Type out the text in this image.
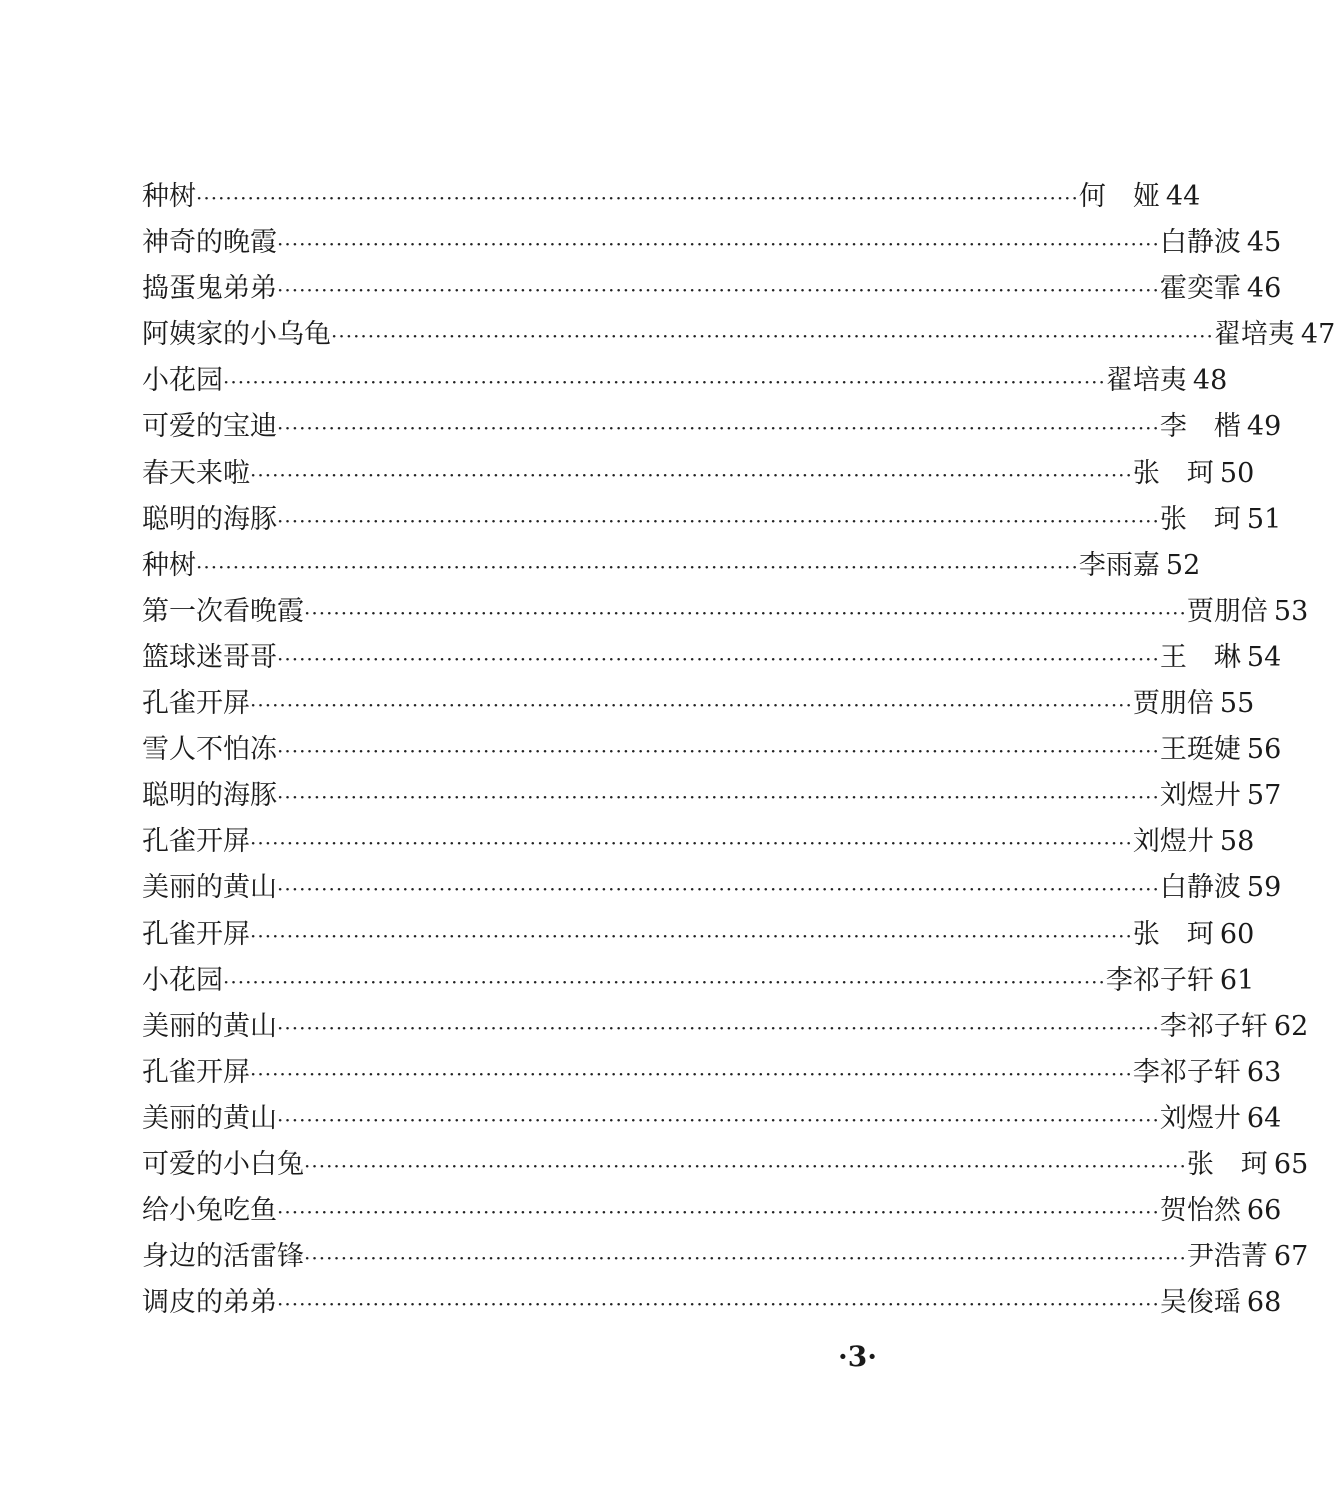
种树 ························································································································ 何　娅 44
神奇的晚霞 ························································································································ 白静波 45
捣蛋鬼弟弟 ························································································································ 霍奕霏 46
阿姨家的小乌龟 ························································································································ 翟培夷 47
小花园 ························································································································ 翟培夷 48
可爱的宝迪 ························································································································ 李　楷 49
春天来啦 ························································································································ 张　珂 50
聪明的海豚 ························································································································ 张　珂 51
种树 ························································································································ 李雨嘉 52
第一次看晚霞 ························································································································ 贾朋倍 53
篮球迷哥哥 ························································································································ 王　琳 54
孔雀开屏 ························································································································ 贾朋倍 55
雪人不怕冻 ························································································································ 王珽婕 56
聪明的海豚 ························································································································ 刘煜廾 57
孔雀开屏 ························································································································ 刘煜廾 58
美丽的黄山 ························································································································ 白静波 59
孔雀开屏 ························································································································ 张　珂 60
小花园 ························································································································ 李祁子轩 61
美丽的黄山 ························································································································ 李祁子轩 62
孔雀开屏 ························································································································ 李祁子轩 63
美丽的黄山 ························································································································ 刘煜廾 64
可爱的小白兔 ························································································································ 张　珂 65
给小兔吃鱼 ························································································································ 贺怡然 66
身边的活雷锋 ························································································································ 尹浩菁 67
调皮的弟弟 ························································································································ 吴俊瑶 68
·3·
